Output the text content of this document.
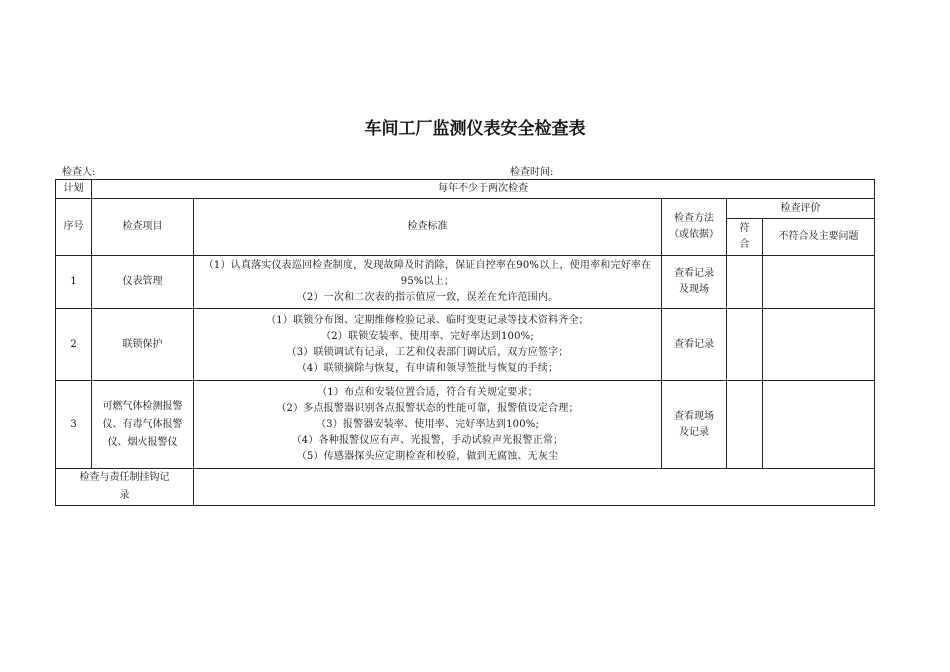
车间工厂监测仪表安全检查表
检查人:	检查时间:
计划	每年不少于两次检查				
序号	检查项目	检查标准	检查方法（或依据）	检查评价	
				符合	不符合及主要问题
1	仪表管理	（1）认真落实仪表巡回检查制度，发现故障及时消除，保证自控率在90%以上，使用率和完好率在95%以上；
（2）一次和二次表的指示值应一致，误差在允许范围内。	查看记录及现场		
2	联锁保护	（1）联锁分布图、定期维修检验记录、临时变更记录等技术资料齐全；
（2）联锁安装率、使用率、完好率达到100%;
（3）联锁调试有记录，工艺和仪表部门调试后，双方应签字；
（4）联锁摘除与恢复，有申请和领导签批与恢复的手续；	查看记录		
3	可燃气体检测报警仪、有毒气体报警仪、烟火报警仪	（1）布点和安装位置合适，符合有关规定要求；
（2）多点报警器识别各点报警状态的性能可靠，报警值设定合理；
（3）报警器安装率、使用率、完好率达到100%;
（4）各种报警仪应有声、光报警，手动试验声光报警正常；
（5）传感器探头应定期检查和校验，做到无腐蚀、无灰尘	查看现场及记录		
检查与责任制挂钩记　录					
